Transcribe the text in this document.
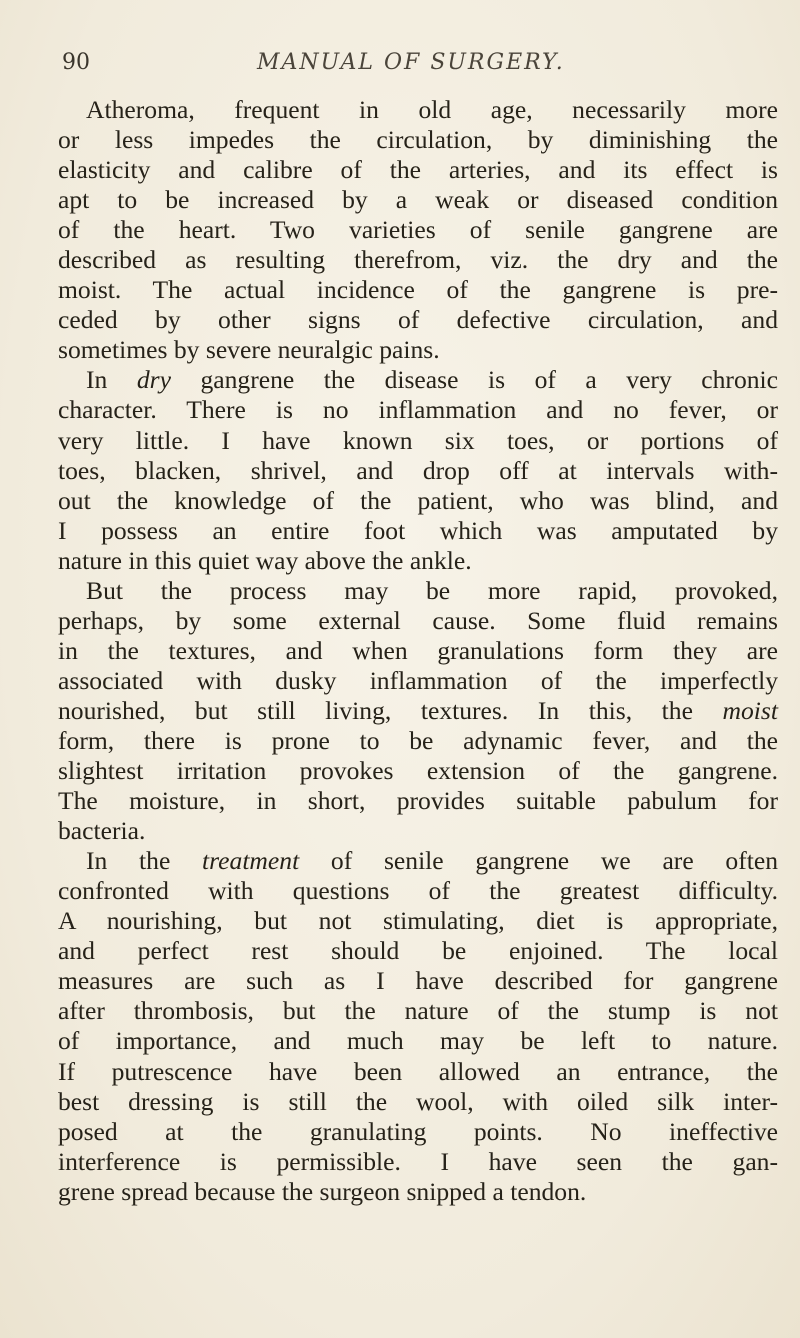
90	MANUAL OF SURGERY.
Atheroma, frequent in old age, necessarily more
or less impedes the circulation, by diminishing the
elasticity and calibre of the arteries, and its effect is
apt to be increased by a weak or diseased condition
of the heart. Two varieties of senile gangrene are
described as resulting therefrom, viz. the dry and the
moist. The actual incidence of the gangrene is pre-
ceded by other signs of defective circulation, and
sometimes by severe neuralgic pains.
In dry gangrene the disease is of a very chronic
character. There is no inflammation and no fever, or
very little. I have known six toes, or portions of
toes, blacken, shrivel, and drop off at intervals with-
out the knowledge of the patient, who was blind, and
I possess an entire foot which was amputated by
nature in this quiet way above the ankle.
But the process may be more rapid, provoked,
perhaps, by some external cause. Some fluid remains
in the textures, and when granulations form they are
associated with dusky inflammation of the imperfectly
nourished, but still living, textures. In this, the moist
form, there is prone to be adynamic fever, and the
slightest irritation provokes extension of the gangrene.
The moisture, in short, provides suitable pabulum for
bacteria.
In the treatment of senile gangrene we are often
confronted with questions of the greatest difficulty.
A nourishing, but not stimulating, diet is appropriate,
and perfect rest should be enjoined. The local
measures are such as I have described for gangrene
after thrombosis, but the nature of the stump is not
of importance, and much may be left to nature.
If putrescence have been allowed an entrance, the
best dressing is still the wool, with oiled silk inter-
posed at the granulating points. No ineffective
interference is permissible. I have seen the gan-
grene spread because the surgeon snipped a tendon.
